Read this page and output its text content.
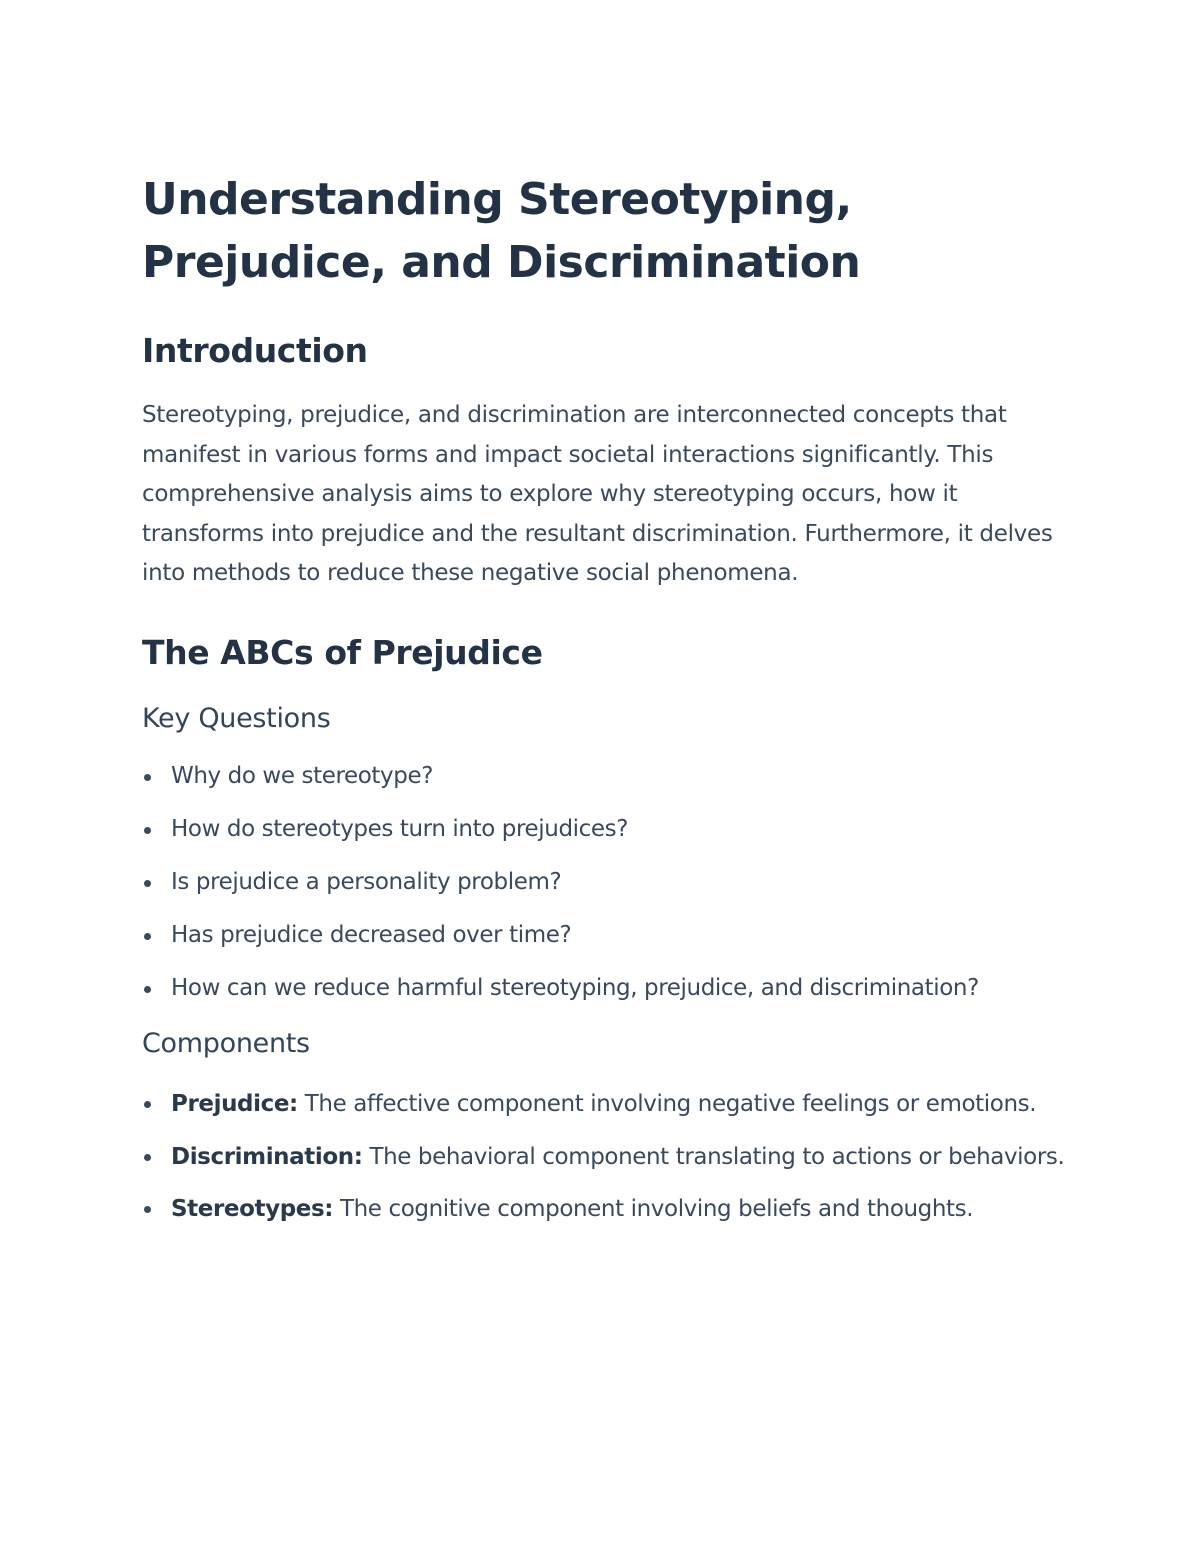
Understanding Stereotyping, Prejudice, and Discrimination
Introduction

Stereotyping, prejudice, and discrimination are interconnected concepts that manifest in various forms and impact societal interactions significantly. This comprehensive analysis aims to explore why stereotyping occurs, how it transforms into prejudice and the resultant discrimination. Furthermore, it delves into methods to reduce these negative social phenomena.

The ABCs of Prejudice
Key Questions
Why do we stereotype?
How do stereotypes turn into prejudices?
Is prejudice a personality problem?
Has prejudice decreased over time?
How can we reduce harmful stereotyping, prejudice, and discrimination?
Components
Prejudice: The affective component involving negative feelings or emotions.
Discrimination: The behavioral component translating to actions or behaviors.
Stereotypes: The cognitive component involving beliefs and thoughts.
